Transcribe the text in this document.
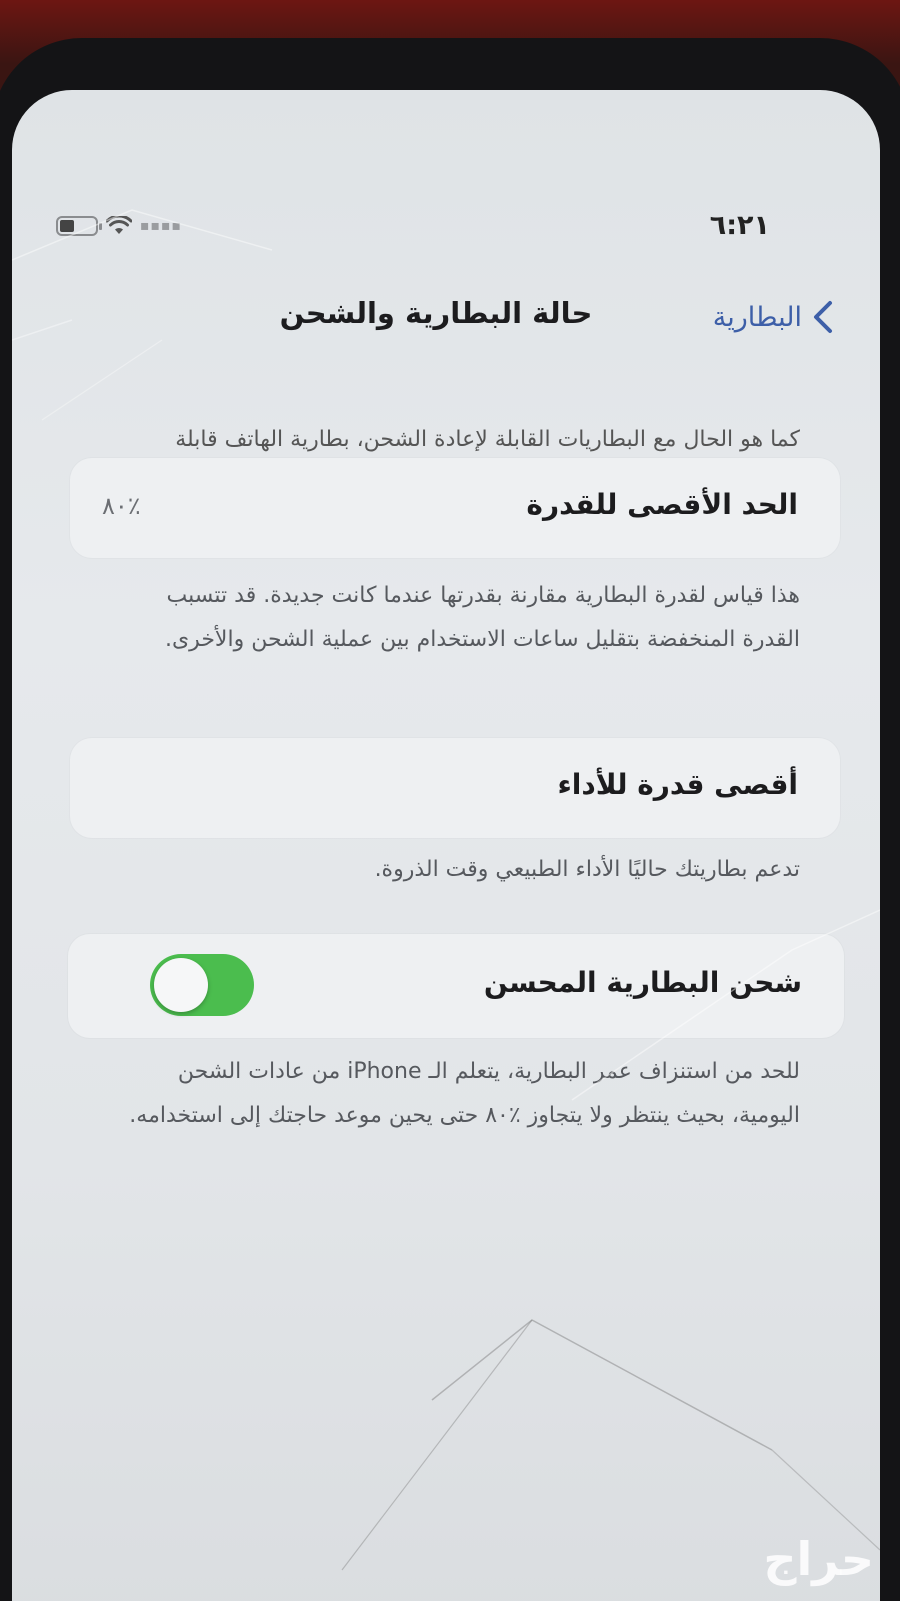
٦:٢١
▪▪▪▪
البطارية
حالة البطارية والشحن
كما هو الحال مع البطاريات القابلة لإعادة الشحن، بطارية الهاتف قابلة
الحد الأقصى للقدرة
٪٨٠
هذا قياس لقدرة البطارية مقارنة بقدرتها عندما كانت جديدة. قد تتسبب القدرة المنخفضة بتقليل ساعات الاستخدام بين عملية الشحن والأخرى.
أقصى قدرة للأداء
تدعم بطاريتك حاليًا الأداء الطبيعي وقت الذروة.
شحن البطارية المحسن
للحد من استنزاف عمر البطارية، يتعلم الـ iPhone من عادات الشحن اليومية، بحيث ينتظر ولا يتجاوز ٪٨٠ حتى يحين موعد حاجتك إلى استخدامه.
حراج
